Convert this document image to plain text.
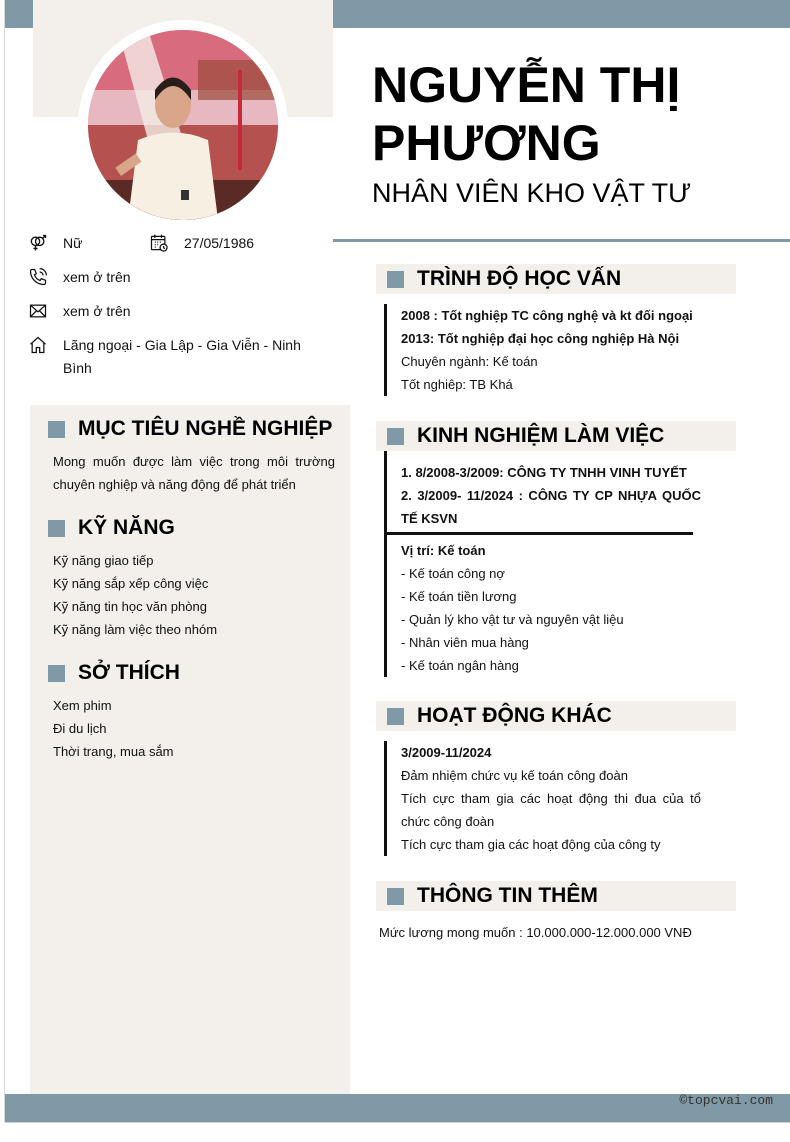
©topcvai.com
Nữ	27/05/1986
xem ở trên
xem ở trên
Lãng ngoại - Gia Lập - Gia Viễn - Ninh Bình
NGUYỄN THỊ PHƯƠNG
NHÂN VIÊN KHO VẬT TƯ
MỤC TIÊU NGHỀ NGHIỆP
Mong muốn được làm việc trong môi trường chuyên nghiệp và năng động để phát triển
KỸ NĂNG
Kỹ năng giao tiếp
Kỹ năng sắp xếp công việc
Kỹ năng tin học văn phòng
Kỹ năng làm việc theo nhóm
SỞ THÍCH
Xem phim
Đi du lịch
Thời trang, mua sắm
TRÌNH ĐỘ HỌC VẤN
2008 : Tốt nghiệp TC công nghệ và kt đối ngoại
2013: Tốt nghiệp đại học công nghiệp Hà Nội
Chuyên ngành: Kế toán
Tốt nghiêp: TB Khá
KINH NGHIỆM LÀM VIỆC
1. 8/2008-3/2009: CÔNG TY TNHH VINH TUYẾT
2. 3/2009- 11/2024 : CÔNG TY CP NHỰA QUỐC TẾ KSVN
Vị trí: Kế toán
- Kế toán công nợ
- Kế toán tiền lương
- Quản lý kho vật tư và nguyên vật liệu
- Nhân viên mua hàng
- Kế toán ngân hàng
HOẠT ĐỘNG KHÁC
3/2009-11/2024
Đảm nhiệm chức vụ kế toán công đoàn
Tích cực tham gia các hoạt động thi đua của tổ chức công đoàn
Tích cực tham gia các hoạt động của công ty
THÔNG TIN THÊM
Mức lương mong muốn : 10.000.000-12.000.000 VNĐ
